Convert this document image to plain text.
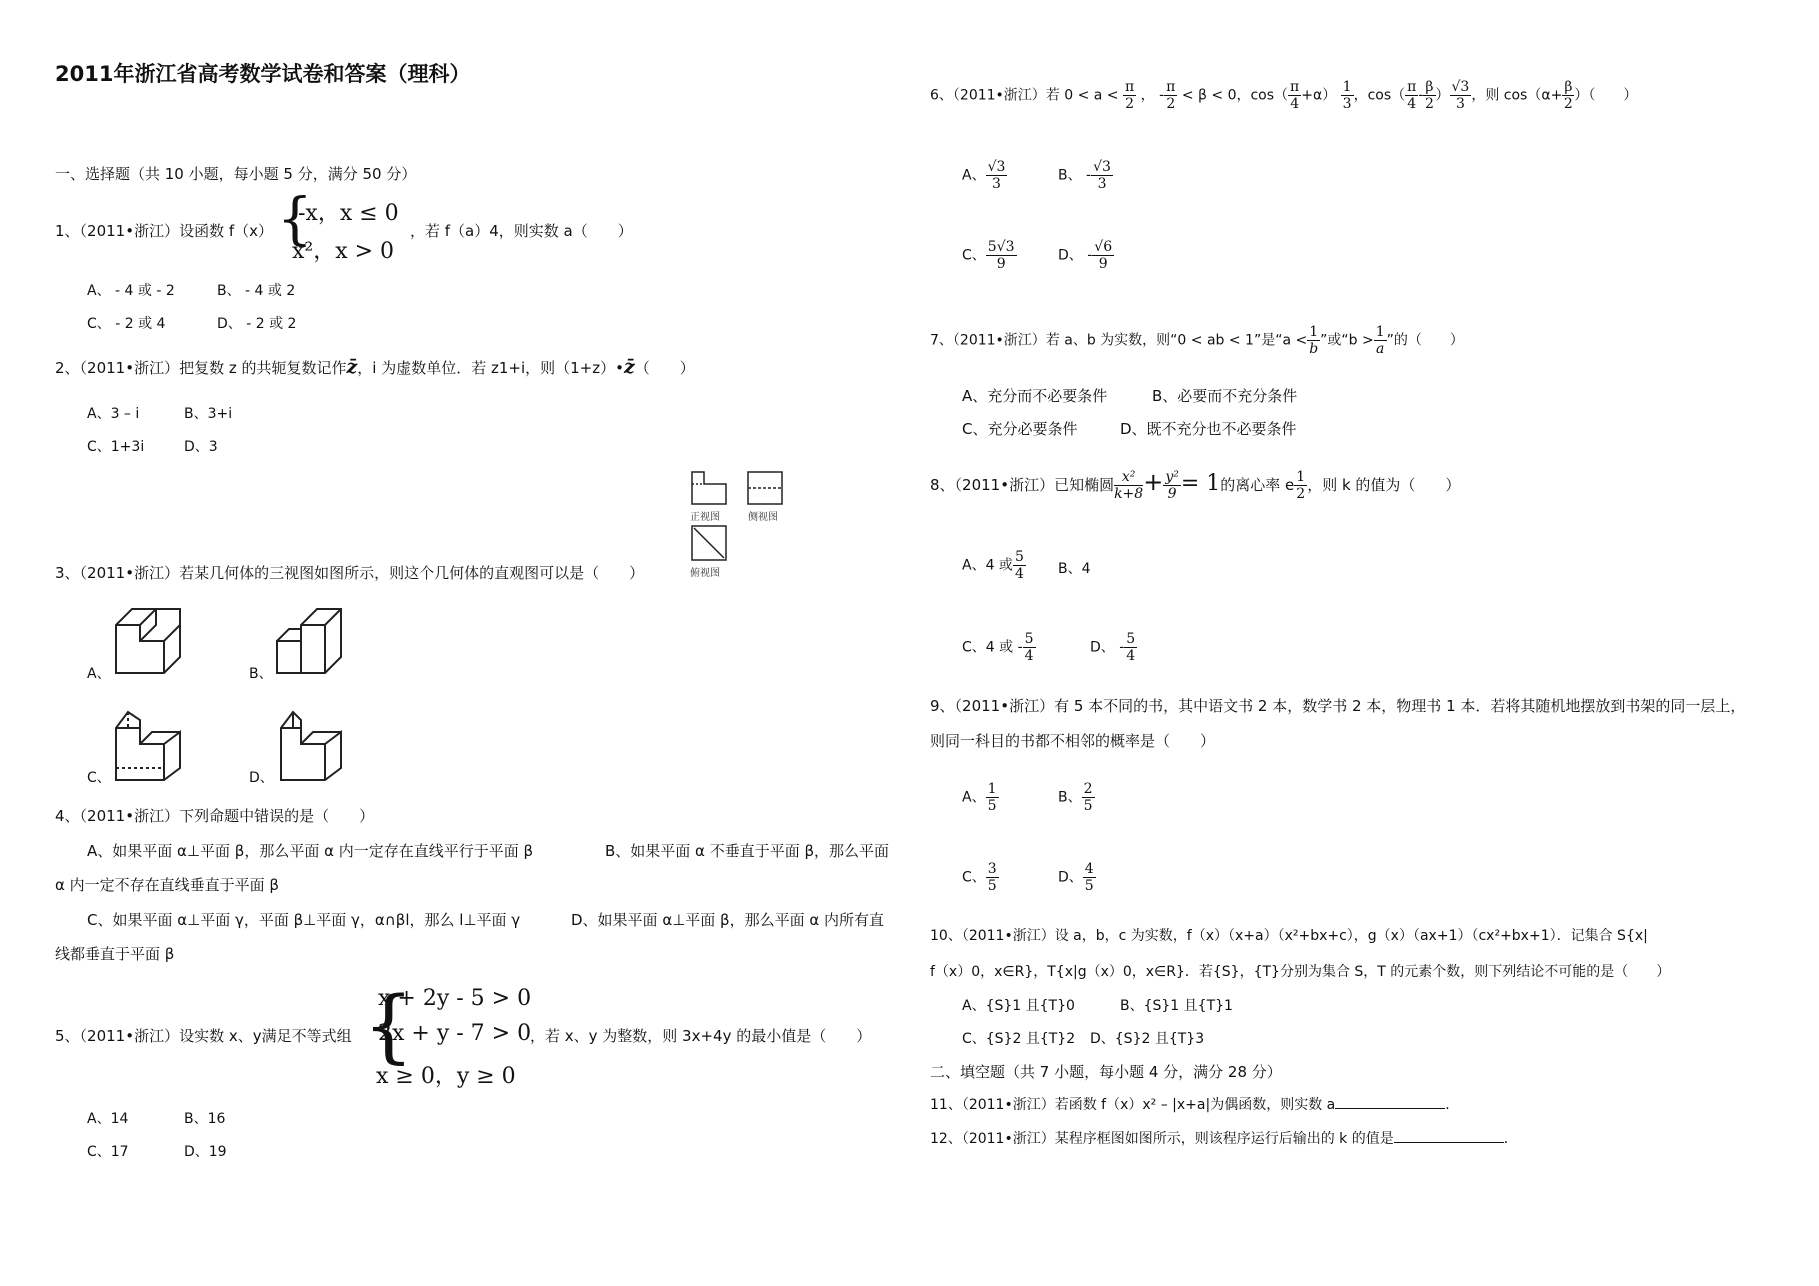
2011年浙江省高考数学试卷和答案（理科）
一、选择题（共 10 小题，每小题 5 分，满分 50 分）
1、（2011•浙江）设函数 f（x） {
-x，x ≤ 0
x²，x > 0
，若 f（a）4，则实数 a（　　）
A、 - 4 或 - 2	B、 - 4 或 2
C、 - 2 或 4	D、 - 2 或 2
2、（2011•浙江）把复数 z 的共轭复数记作z̄，i 为虚数单位．若 z1+i，则（1+z）•z̄（　　）
A、3 – i	B、3+i
C、1+3i	D、3
正视图	侧视图
俯视图
3、（2011•浙江）若某几何体的三视图如图所示，则这个几何体的直观图可以是（　　）
A、	B、
C、	D、
4、（2011•浙江）下列命题中错误的是（　　）
A、如果平面 α⊥平面 β，那么平面 α 内一定存在直线平行于平面 β	B、如果平面 α 不垂直于平面 β，那么平面
α 内一定不存在直线垂直于平面 β
C、如果平面 α⊥平面 γ，平面 β⊥平面 γ，α∩βl，那么 l⊥平面 γ	D、如果平面 α⊥平面 β，那么平面 α 内所有直
线都垂直于平面 β
5、（2011•浙江）设实数 x、y满足不等式组 {
x + 2y - 5 > 0
2x + y - 7 > 0
x ≥ 0，y ≥ 0
，若 x、y 为整数，则 3x+4y 的最小值是（　　）
A、14	B、16
C、17	D、19
6、（2011•浙江）若 $0 < a < \frac{\pi}{2}$ ， - $\frac{\pi}{2} < \beta < 0$，$\cos( \frac{\pi}{4} +\alpha) \frac{1}{3}$ ，$\cos( \frac{\pi}{4} - \frac{\beta}{2}$ ） $\frac{√3}{3}$ ，则 $\cos(\alpha+ \frac{\beta}{2}$ ）（　　）
A、 $\frac{√3}{3}$	B、 - $\frac{√3}{3}$
C、 $\frac{5√3}{9}$	D、 - $\frac{√6}{9}$
7、（2011•浙江）若 a、b 为实数，则“0 < ab < 1”是“$a < \frac{1}{b}$ ”或“$b > \frac{1}{a}$ ”的（　　）
A、充分而不必要条件	B、必要而不充分条件
C、充分必要条件	D、既不充分也不必要条件
8、（2011•浙江）已知椭圆 $\frac{\text{x²}}{k+8} + \frac{\text{y²}}{9} = 1$的离心率 e $\frac{1}{2}$ ，则 k 的值为（　　）
A、4 或 $\frac{5}{4}$ B、4
C、4 或 - $\frac{5}{4}$	D、 - $\frac{5}{4}$
9、（2011•浙江）有 5 本不同的书，其中语文书 2 本，数学书 2 本，物理书 1 本．若将其随机地摆放到书架的同一层上，
则同一科目的书都不相邻的概率是（　　）
A、 $\frac{1}{5}$	B、 $\frac{2}{5}$
C、 $\frac{3}{5}$	D、 $\frac{4}{5}$
10、（2011•浙江）设 a，b，c 为实数，f（x）（x+a）（x²+bx+c），g（x）（ax+1）（cx²+bx+1）．记集合 S{x|
f（x）0，x∈R}，T{x|g（x）0，x∈R}．若{S}，{T}分别为集合 S，T 的元素个数，则下列结论不可能的是（　　）
A、{S}1 且{T}0	B、{S}1 且{T}1
C、{S}2 且{T}2 D、{S}2 且{T}3
二、填空题（共 7 小题，每小题 4 分，满分 28 分）
11、（2011•浙江）若函数 f（x）x² – |x+a|为偶函数，则实数 a	．
12、（2011•浙江）某程序框图如图所示，则该程序运行后输出的 k 的值是	．
